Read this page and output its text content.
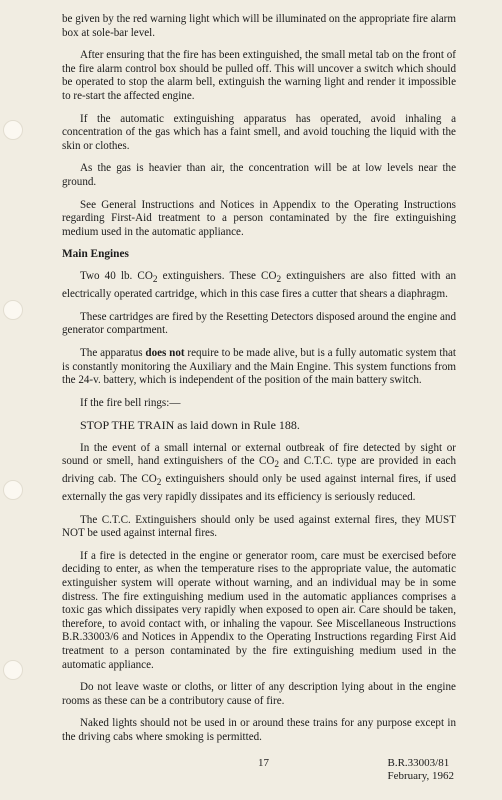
be given by the red warning light which will be illuminated on the appropriate fire alarm box at sole-bar level.

After ensuring that the fire has been extinguished, the small metal tab on the front of the fire alarm control box should be pulled off. This will uncover a switch which should be operated to stop the alarm bell, extinguish the warning light and render it impossible to re-start the affected engine.

If the automatic extinguishing apparatus has operated, avoid inhaling a concentration of the gas which has a faint smell, and avoid touching the liquid with the skin or clothes.

As the gas is heavier than air, the concentration will be at low levels near the ground.

See General Instructions and Notices in Appendix to the Operating Instructions regarding First-Aid treatment to a person contaminated by the fire extinguishing medium used in the automatic appliance.

Main Engines

Two 40 lb. $CO_2$ extinguishers. These $CO_2$ extinguishers are also fitted with an electrically operated cartridge, which in this case fires a cutter that shears a diaphragm.

These cartridges are fired by the Resetting Detectors disposed around the engine and generator compartment.

The apparatus does not require to be made alive, but is a fully automatic system that is constantly monitoring the Auxiliary and the Main Engine. This system functions from the 24-v. battery, which is independent of the position of the main battery switch.

If the fire bell rings:—

STOP THE TRAIN as laid down in Rule 188.

In the event of a small internal or external outbreak of fire detected by sight or sound or smell, hand extinguishers of the $CO_2$ and C.T.C. type are provided in each driving cab. The $CO_2$ extinguishers should only be used against internal fires, if used externally the gas very rapidly dissipates and its efficiency is seriously reduced.

The C.T.C. Extinguishers should only be used against external fires, they MUST NOT be used against internal fires.

If a fire is detected in the engine or generator room, care must be exercised before deciding to enter, as when the temperature rises to the appropriate value, the automatic extinguisher system will operate without warning, and an individual may be in some distress. The fire extinguishing medium used in the automatic appliances comprises a toxic gas which dissipates very rapidly when exposed to open air. Care should be taken, therefore, to avoid contact with, or inhaling the vapour. See Miscellaneous Instructions B.R.33003/6 and Notices in Appendix to the Operating Instructions regarding First Aid treatment to a person contaminated by the fire extinguishing medium used in the automatic appliance.

Do not leave waste or cloths, or litter of any description lying about in the engine rooms as these can be a contributory cause of fire.

Naked lights should not be used in or around these trains for any purpose except in the driving cabs where smoking is permitted.

17	B.R.33003/81
February, 1962
